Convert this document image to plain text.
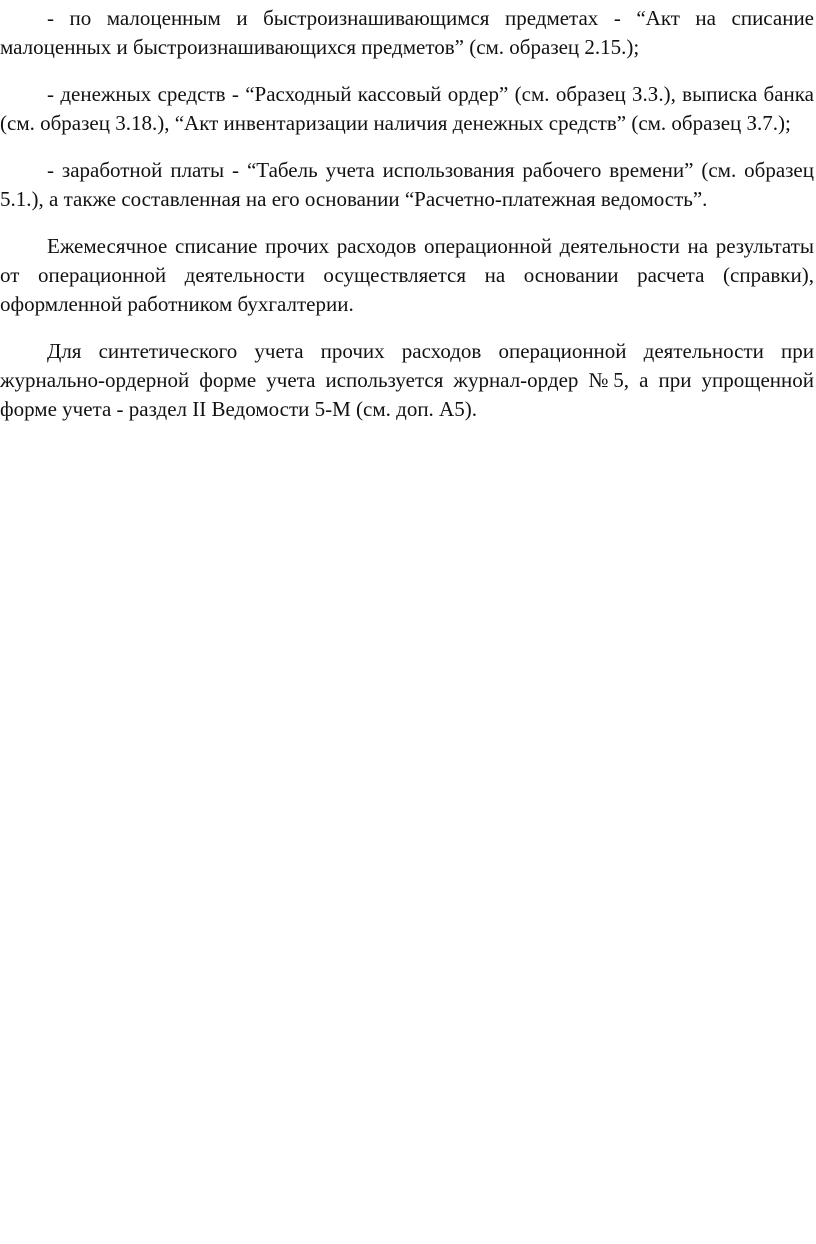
- по малоценным и быстроизнашивающимся предметах - “Акт на списание малоценных и быстроизнашивающихся предметов” (см. образец 2.15.);

- денежных средств - “Расходный кассовый ордер” (см. образец З.З.), выписка банка (см. образец 3.18.), “Акт инвентаризации наличия денежных средств” (см. образец З.7.);

- заработной платы - “Табель учета использования рабочего времени” (см. образец 5.1.), а также составленная на его основании “Расчетно-платежная ведомость”.

Ежемесячное списание прочих расходов операционной деятельности на результаты от операционной деятельности осуществляется на основании расчета (справки), оформленной работником бухгалтерии.

Для синтетического учета прочих расходов операционной деятельности при журнально-ордерной форме учета используется журнал-ордер №5, а при упрощенной форме учета - раздел II Ведомости 5-М (см. доп. А5).
